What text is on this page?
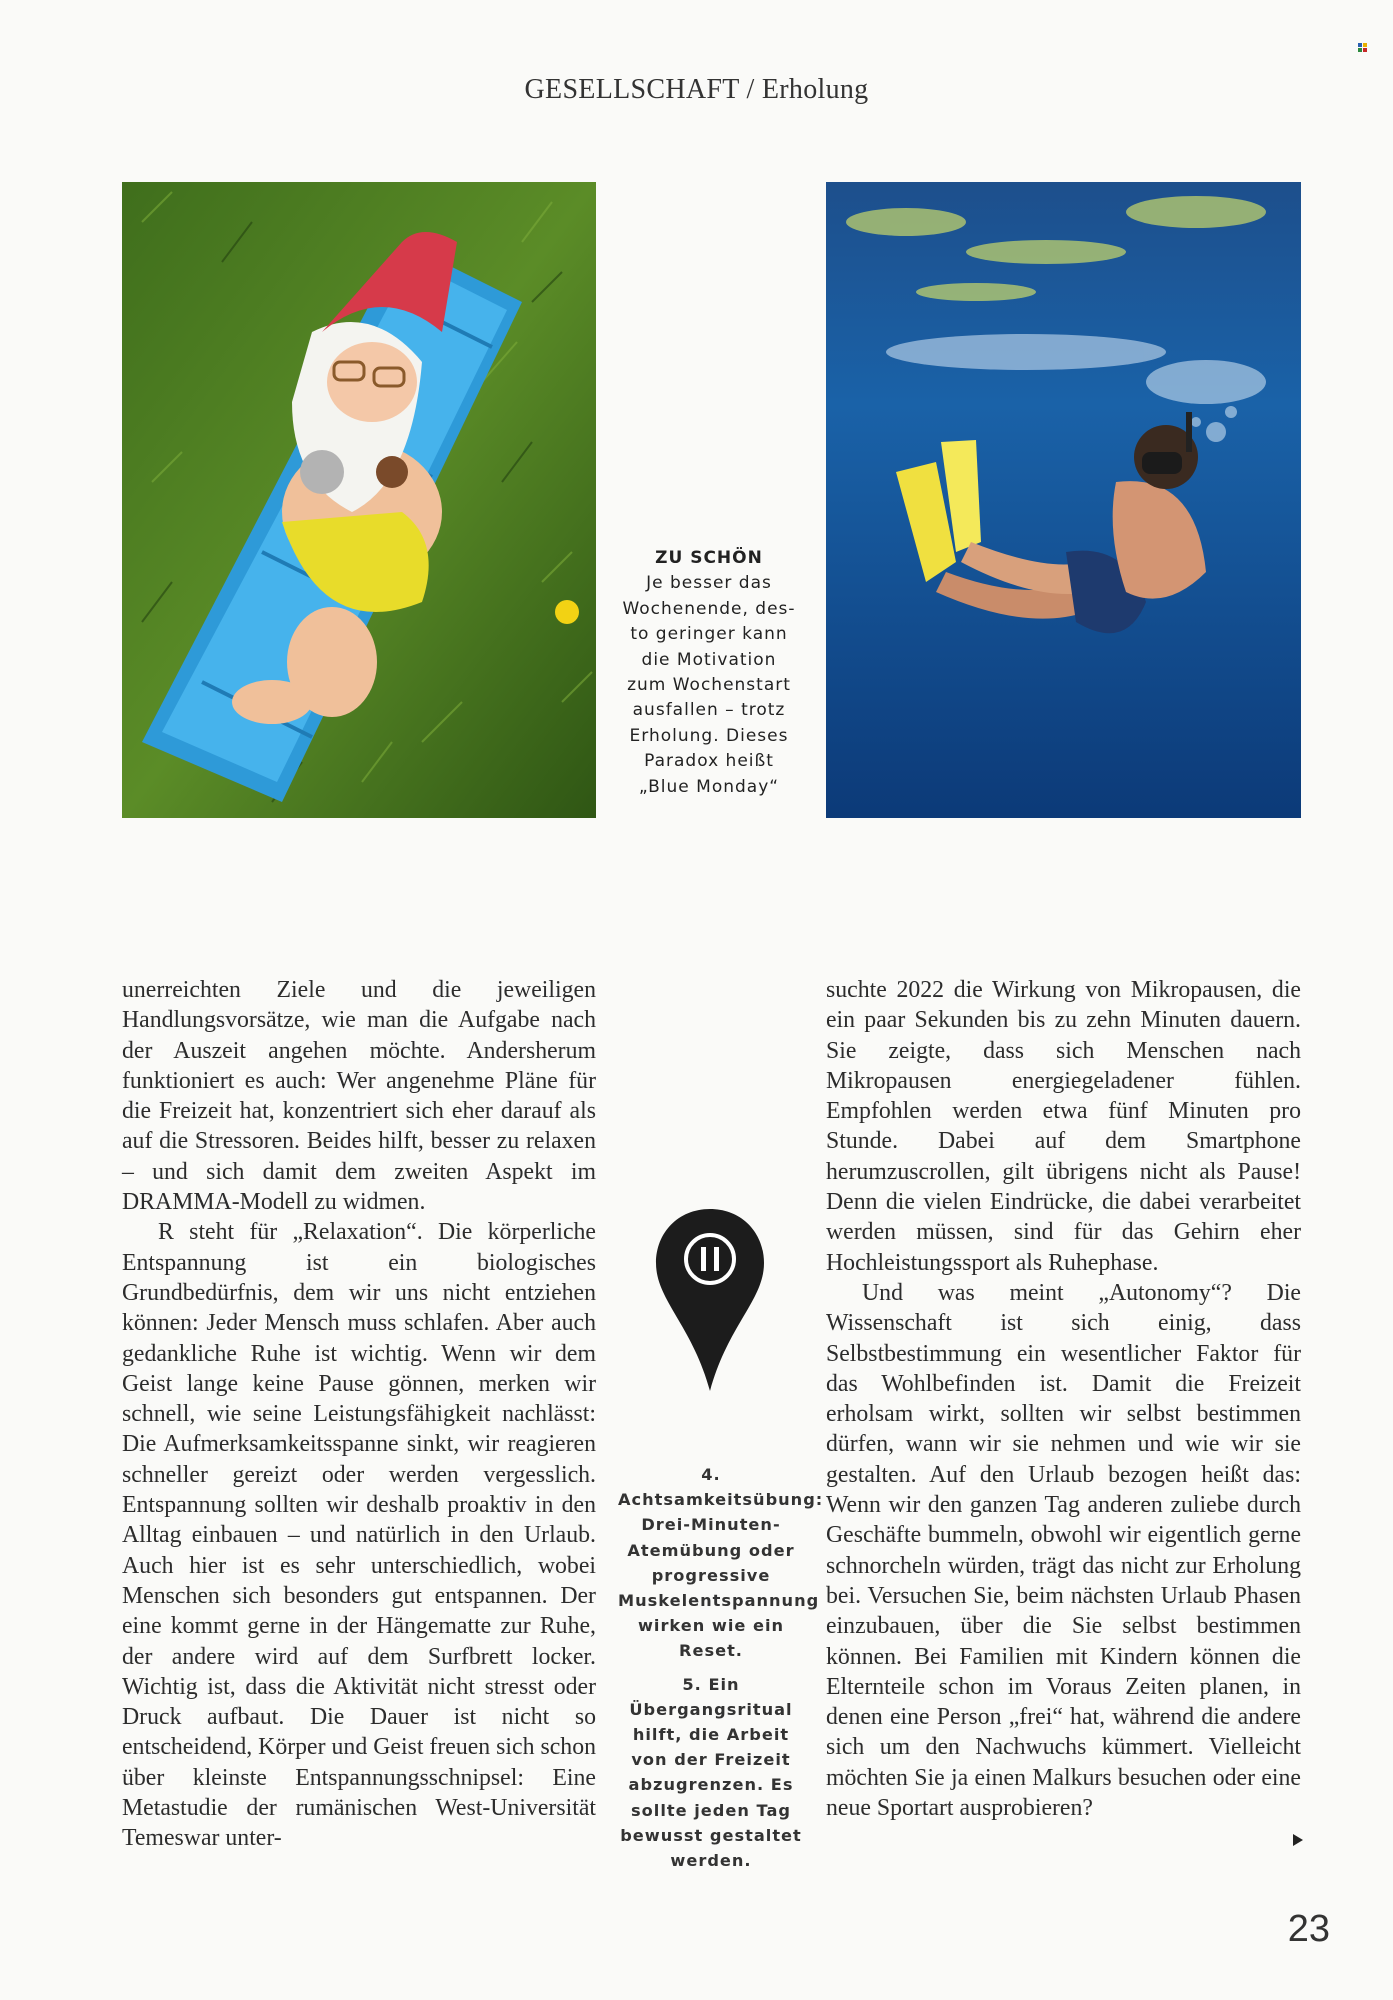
GESELLSCHAFT / Erholung
ZU SCHÖN
Je besser das
Wochenende, des-
to geringer kann
die Motivation
zum Wochenstart
ausfallen – trotz
Erholung. Dieses
Paradox heißt
„Blue Monday“

unerreichten Ziele und die jeweiligen Handlungsvorsätze, wie man die Aufgabe nach der Auszeit angehen möchte. Andersherum funktioniert es auch: Wer angenehme Pläne für die Freizeit hat, konzentriert sich eher darauf als auf die Stressoren. Beides hilft, besser zu relaxen – und sich damit dem zweiten Aspekt im DRAMMA-Modell zu widmen.

R steht für „Relaxation“. Die körperliche Entspannung ist ein biologisches Grundbedürfnis, dem wir uns nicht entziehen können: Jeder Mensch muss schlafen. Aber auch gedankliche Ruhe ist wichtig. Wenn wir dem Geist lange keine Pause gönnen, merken wir schnell, wie seine Leistungsfähigkeit nachlässt: Die Aufmerksamkeitsspanne sinkt, wir reagieren schneller gereizt oder werden vergesslich. Entspannung sollten wir deshalb proaktiv in den Alltag einbauen – und natürlich in den Urlaub. Auch hier ist es sehr unterschiedlich, wobei Menschen sich besonders gut entspannen. Der eine kommt gerne in der Hängematte zur Ruhe, der andere wird auf dem Surfbrett locker. Wichtig ist, dass die Aktivität nicht stresst oder Druck aufbaut. Die Dauer ist nicht so entscheidend, Körper und Geist freuen sich schon über kleinste Entspannungsschnipsel: Eine Metastudie der rumänischen West-Universität Temeswar unter-

4. Achtsamkeitsübung: Drei-Minuten-Atemübung oder progressive Muskelentspannung wirken wie ein Reset.

5. Ein Übergangsritual hilft, die Arbeit von der Freizeit abzugrenzen. Es sollte jeden Tag bewusst gestaltet werden.

suchte 2022 die Wirkung von Mikropausen, die ein paar Sekunden bis zu zehn Minuten dauern. Sie zeigte, dass sich Menschen nach Mikropausen energiegeladener fühlen. Empfohlen werden etwa fünf Minuten pro Stunde. Dabei auf dem Smartphone herumzuscrollen, gilt übrigens nicht als Pause! Denn die vielen Eindrücke, die dabei verarbeitet werden müssen, sind für das Gehirn eher Hochleistungssport als Ruhephase.

Und was meint „Autonomy“? Die Wissenschaft ist sich einig, dass Selbstbestimmung ein wesentlicher Faktor für das Wohlbefinden ist. Damit die Freizeit erholsam wirkt, sollten wir selbst bestimmen dürfen, wann wir sie nehmen und wie wir sie gestalten. Auf den Urlaub bezogen heißt das: Wenn wir den ganzen Tag anderen zuliebe durch Geschäfte bummeln, obwohl wir eigentlich gerne schnorcheln würden, trägt das nicht zur Erholung bei. Versuchen Sie, beim nächsten Urlaub Phasen einzubauen, über die Sie selbst bestimmen können. Bei Familien mit Kindern können die Elternteile schon im Voraus Zeiten planen, in denen eine Person „frei“ hat, während die andere sich um den Nachwuchs kümmert. Vielleicht möchten Sie ja einen Malkurs besuchen oder eine neue Sportart ausprobieren?

23
